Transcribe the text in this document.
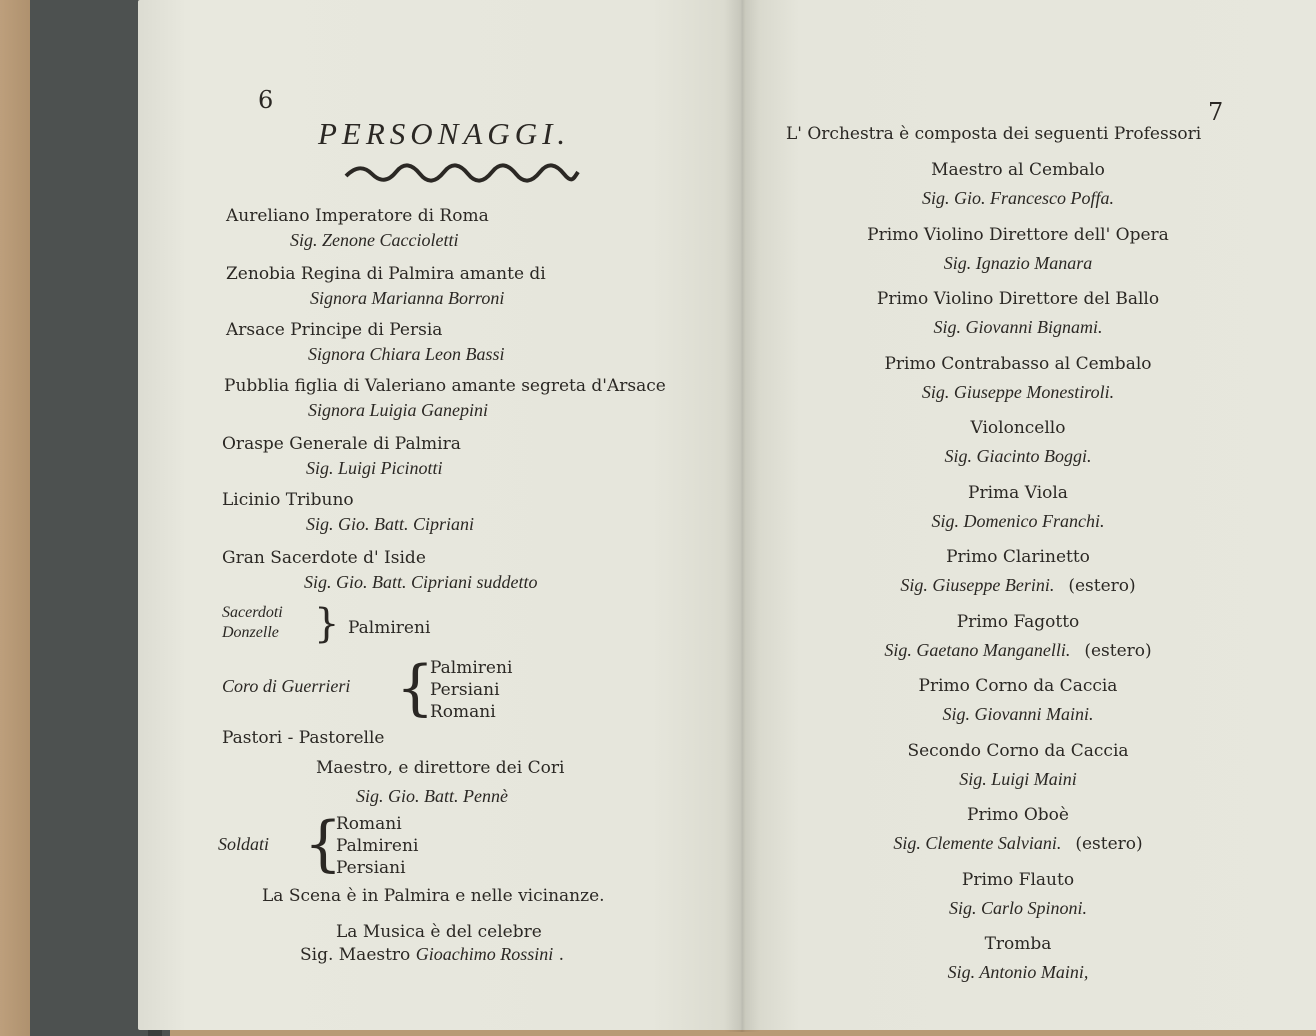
6
PERSONAGGI.
Aureliano Imperatore di Roma
Sig. Zenone Caccioletti
Zenobia Regina di Palmira amante di
Signora Marianna Borroni
Arsace Principe di Persia
Signora Chiara Leon Bassi
Pubblia figlia di Valeriano amante segreta d'Arsace
Signora Luigia Ganepini
Oraspe Generale di Palmira
Sig. Luigi Picinotti
Licinio Tribuno
Sig. Gio. Batt. Cipriani
Gran Sacerdote d' Iside
Sig. Gio. Batt. Cipriani suddetto
Sacerdoti
Donzelle } Palmireni
Coro di Guerrieri {
Palmireni
Persiani
Romani
Pastori - Pastorelle
Maestro, e direttore dei Cori
Sig. Gio. Batt. Pennè
Soldati {
Romani
Palmireni
Persiani
La Scena è in Palmira e nelle vicinanze.
La Musica è del celebre
Sig. Maestro Gioachimo Rossini .
7
L' Orchestra è composta dei seguenti Professori
Maestro al Cembalo
Sig. Gio. Francesco Poffa.
Primo Violino Direttore dell' Opera
Sig. Ignazio Manara
Primo Violino Direttore del Ballo
Sig. Giovanni Bignami.
Primo Contrabasso al Cembalo
Sig. Giuseppe Monestiroli.
Violoncello
Sig. Giacinto Boggi.
Prima Viola
Sig. Domenico Franchi.
Primo Clarinetto
Sig. Giuseppe Berini. (estero)
Primo Fagotto
Sig. Gaetano Manganelli. (estero)
Primo Corno da Caccia
Sig. Giovanni Maini.
Secondo Corno da Caccia
Sig. Luigi Maini
Primo Oboè
Sig. Clemente Salviani. (estero)
Primo Flauto
Sig. Carlo Spinoni.
Tromba
Sig. Antonio Maini,
